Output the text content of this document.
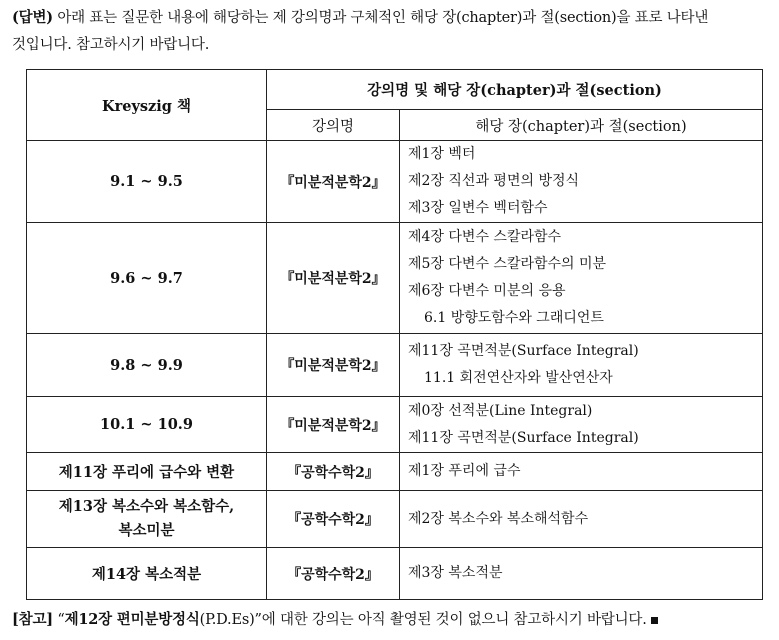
(답변) 아래 표는 질문한 내용에 해당하는 제 강의명과 구체적인 해당 장(chapter)과 절(section)을 표로 나타낸
것입니다. 참고하시기 바랍니다.
Kreyszig 책	강의명 및 해당 장(chapter)과 절(section)	
	강의명	해당 장(chapter)과 절(section)
9.1 ~ 9.5	『미분적분학2』	제1장 벡터
제2장 직선과 평면의 방정식
제3장 일변수 벡터함수

9.6 ~ 9.7	『미분적분학2』	제4장 다변수 스칼라함수
제5장 다변수 스칼라함수의 미분
제6장 다변수 미분의 응용
6.1 방향도함수와 그래디언트

9.8 ~ 9.9	『미분적분학2』	제11장 곡면적분(Surface Integral)
11.1 회전연산자와 발산연산자

10.1 ~ 10.9	『미분적분학2』	제0장 선적분(Line Integral)
제11장 곡면적분(Surface Integral)

제11장 푸리에 급수와 변환	『공학수학2』	제1장 푸리에 급수

제13장 복소수와 복소함수,
복소미분	『공학수학2』	제2장 복소수와 복소해석함수

제14장 복소적분	『공학수학2』	제3장 복소적분
[참고] “제12장 편미분방정식(P.D.Es)”에 대한 강의는 아직 촬영된 것이 없으니 참고하시기 바랍니다.
